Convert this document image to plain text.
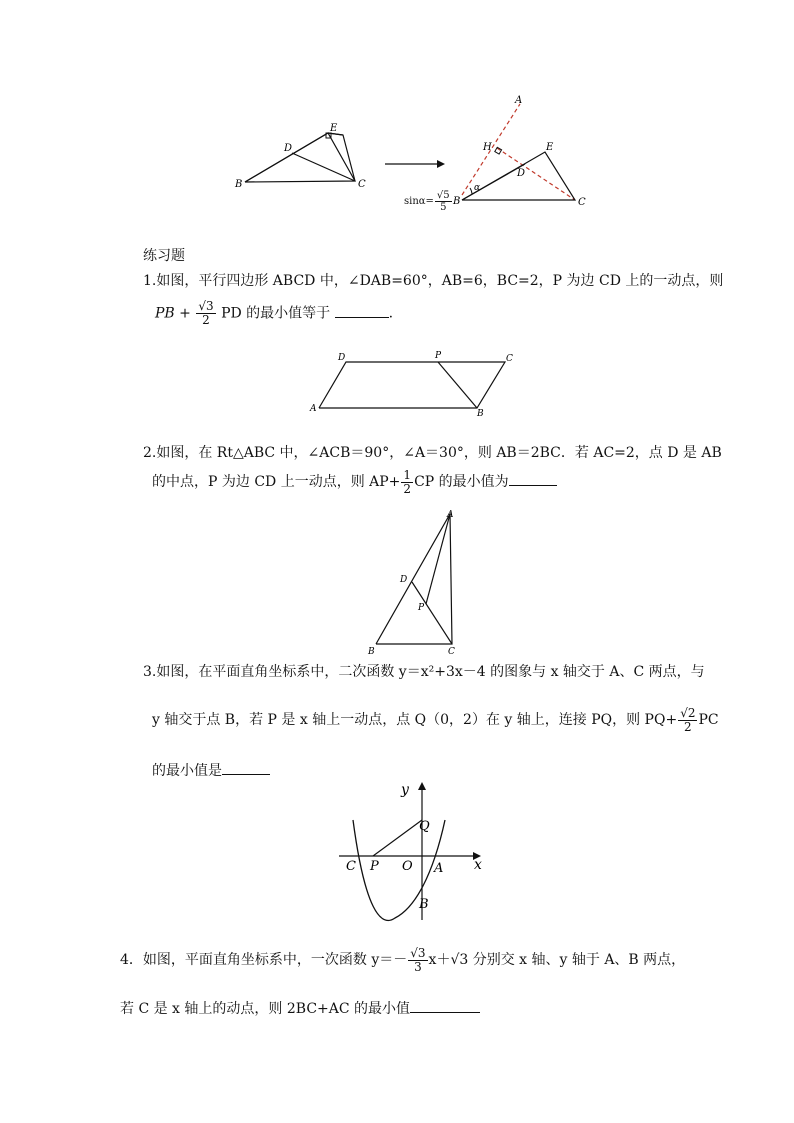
B
D
E
C
A
H	E
D
B	C
α
$\sin\alpha= \frac{√5}{5}$
练习题
1.如图，平行四边形 ABCD 中，∠DAB=60°，AB=6，BC=2，P 为边 CD 上的一动点，则
PB + $\frac{√3}{2}$ PD 的最小值等于	.
D	P	C
A	B
2.如图，在 Rt△ABC 中，∠ACB＝90°，∠A＝30°，则 AB＝2BC．若 AC=2，点 D 是 AB
的中点，P 为边 CD 上一动点，则 $AP+ \frac{1}{2}$ CP 的最小值为
A
D
P
B	C
3.如图，在平面直角坐标系中，二次函数 y＝x²+3x－4 的图象与 x 轴交于 A、C 两点，与
y 轴交于点 B，若 P 是 x 轴上一动点，点 Q（0，2）在 y 轴上，连接 PQ，则 $PQ+ \frac{√2}{2}$ PC
的最小值是
y
x
Q
C P O A
B
4．如图，平面直角坐标系中，一次函数 $y=- \frac{√3}{3} x+√3$ 分别交 x 轴、y 轴于 A、B 两点，
若 C 是 x 轴上的动点，则 2BC+AC 的最小值
